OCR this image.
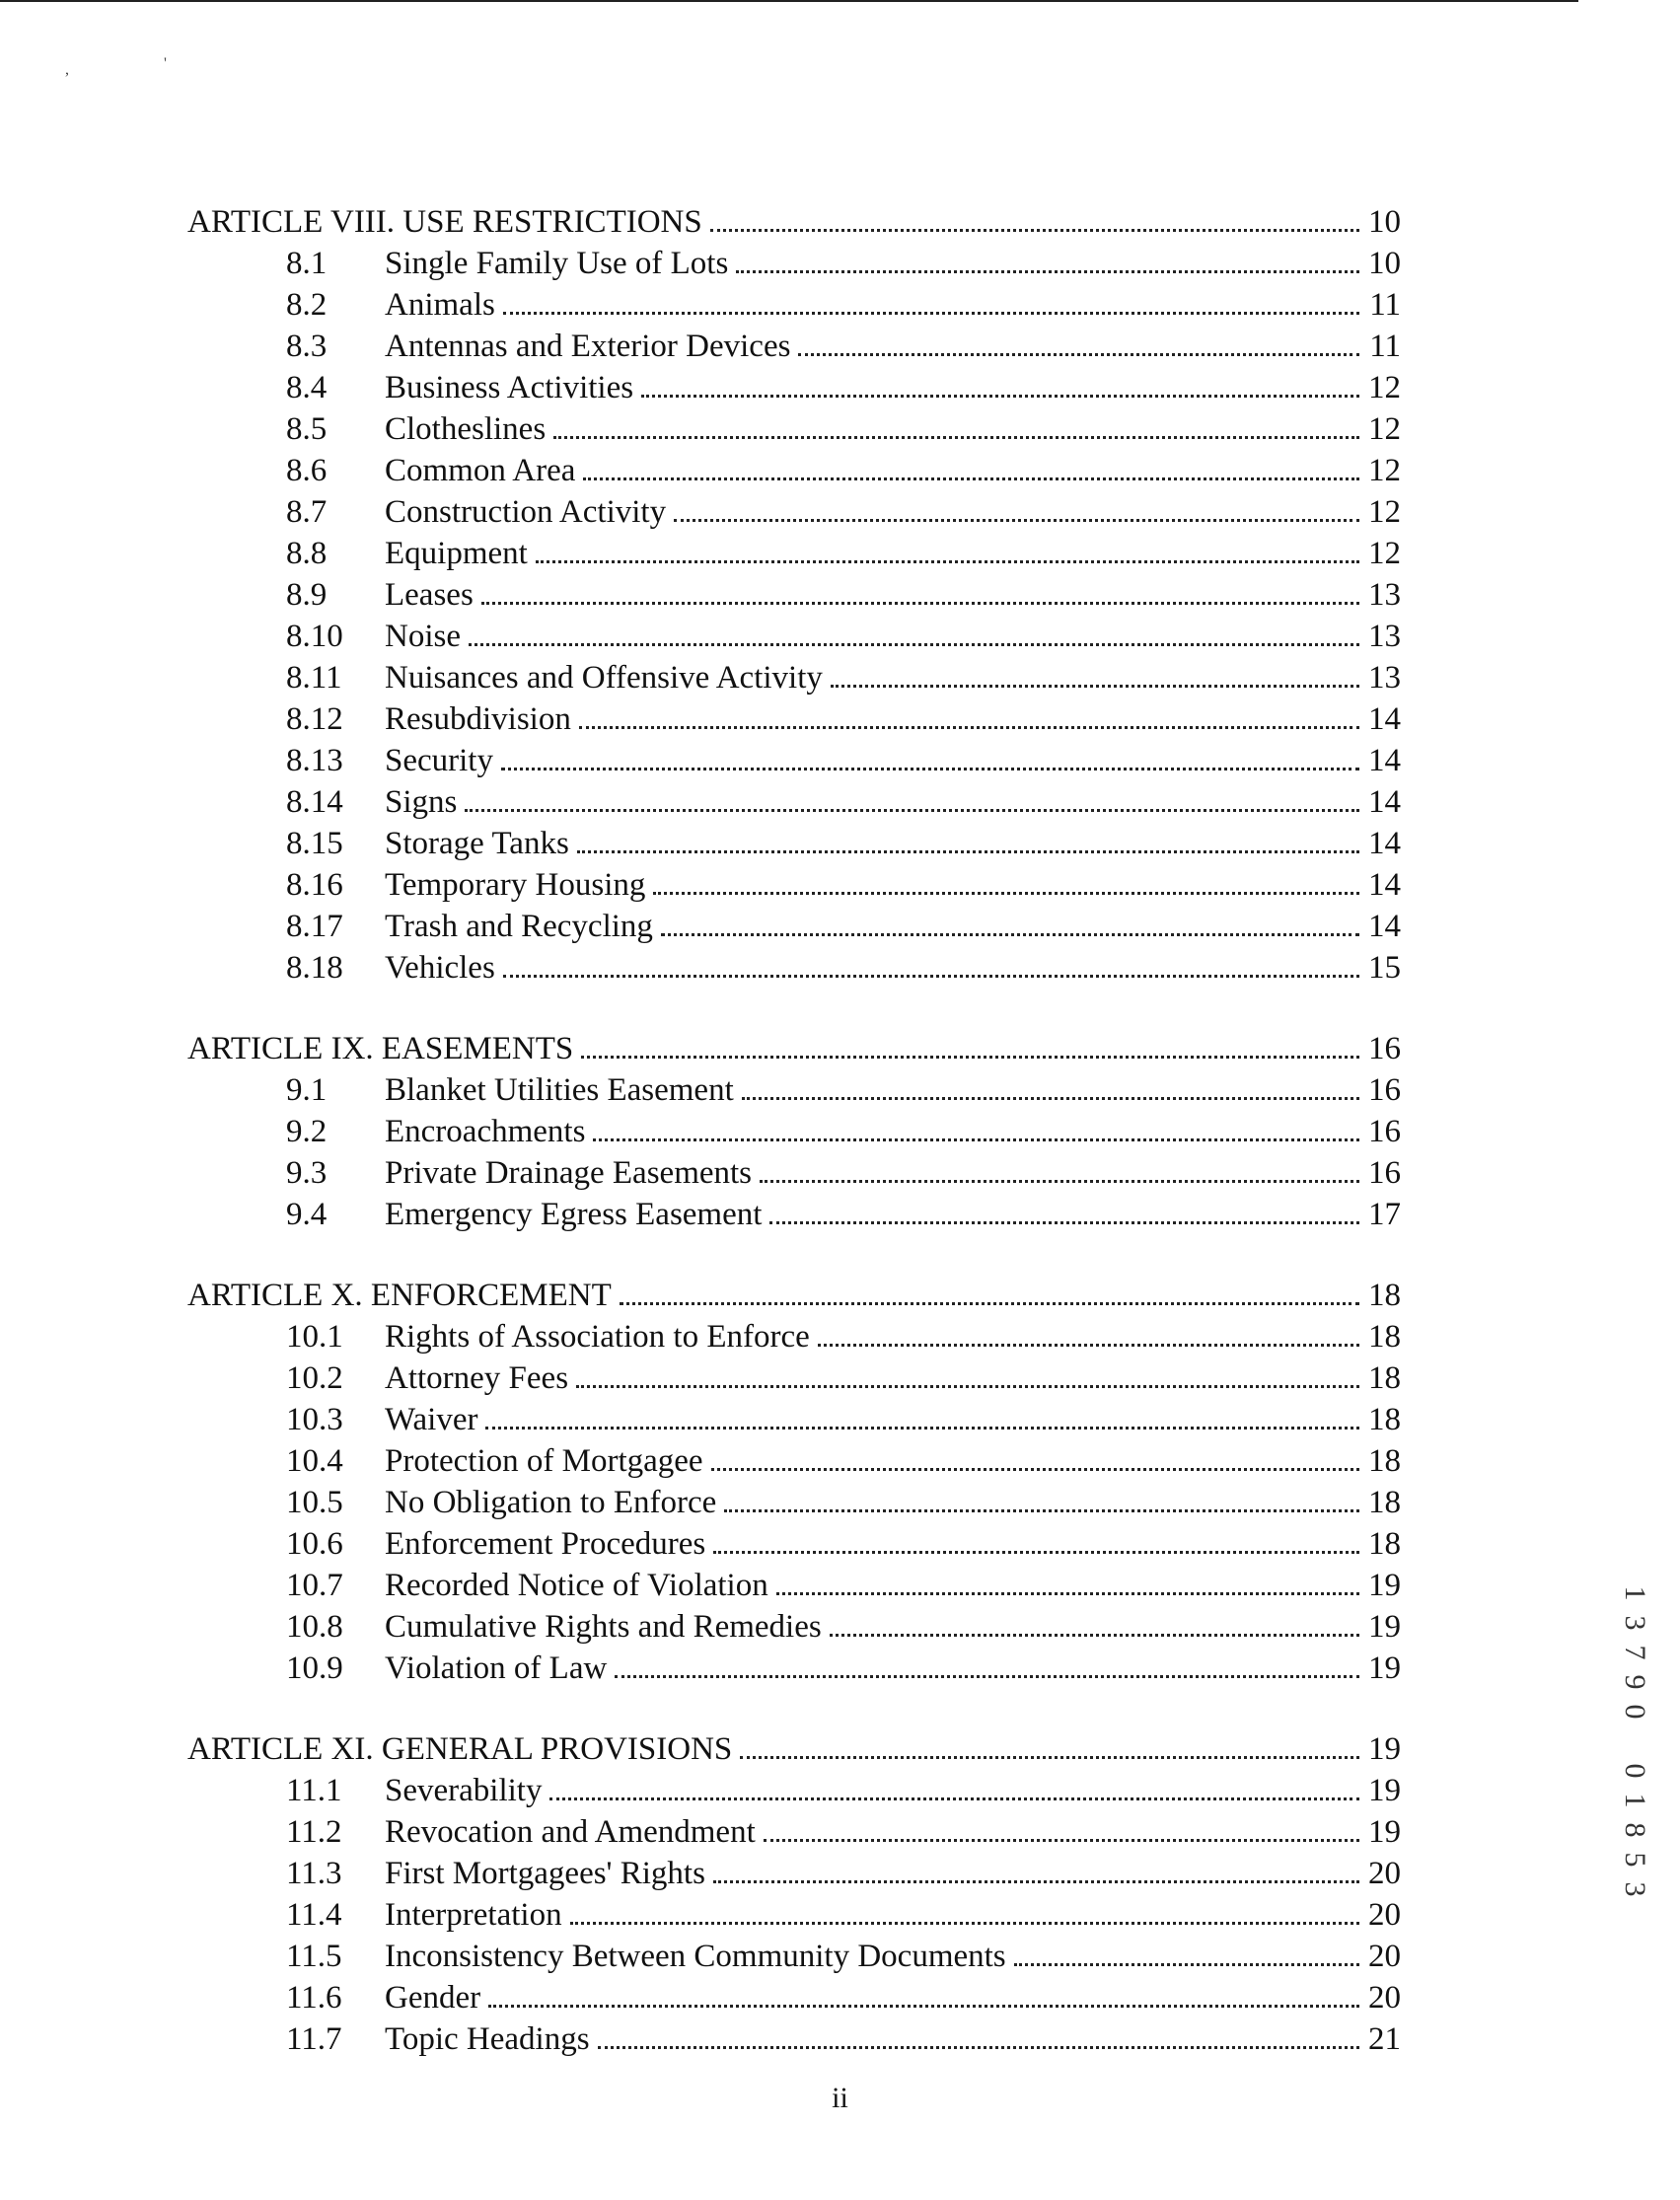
,	'
ARTICLE VIII. USE RESTRICTIONS	10
8.1	Single Family Use of Lots	10
8.2	Animals	11
8.3	Antennas and Exterior Devices	11
8.4	Business Activities	12
8.5	Clotheslines	12
8.6	Common Area	12
8.7	Construction Activity	12
8.8	Equipment	12
8.9	Leases	13
8.10	Noise	13
8.11	Nuisances and Offensive Activity	13
8.12	Resubdivision	14
8.13	Security	14
8.14	Signs	14
8.15	Storage Tanks	14
8.16	Temporary Housing	14
8.17	Trash and Recycling	14
8.18	Vehicles	15
ARTICLE IX. EASEMENTS	16
9.1	Blanket Utilities Easement	16
9.2	Encroachments	16
9.3	Private Drainage Easements	16
9.4	Emergency Egress Easement	17
ARTICLE X. ENFORCEMENT	18
10.1	Rights of Association to Enforce	18
10.2	Attorney Fees	18
10.3	Waiver	18
10.4	Protection of Mortgagee	18
10.5	No Obligation to Enforce	18
10.6	Enforcement Procedures	18
10.7	Recorded Notice of Violation	19
10.8	Cumulative Rights and Remedies	19
10.9	Violation of Law	19
ARTICLE XI. GENERAL PROVISIONS	19
11.1	Severability	19
11.2	Revocation and Amendment	19
11.3	First Mortgagees' Rights	20
11.4	Interpretation	20
11.5	Inconsistency Between Community Documents	20
11.6	Gender	20
11.7	Topic Headings	21
ii
1
3
7
9
0

0
1
8
5
3
